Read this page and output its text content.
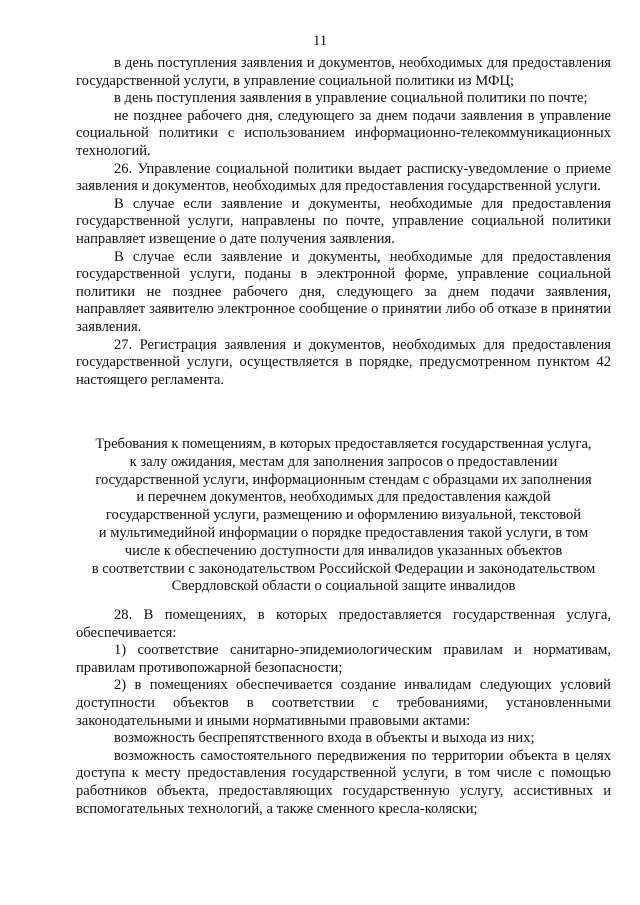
11

в день поступления заявления и документов, необходимых для предоставления государственной услуги, в управление социальной политики из МФЦ;

в день поступления заявления в управление социальной политики по почте;

не позднее рабочего дня, следующего за днем подачи заявления в управление социальной политики с использованием информационно-телекоммуникационных технологий.

26. Управление социальной политики выдает расписку-уведомление о приеме заявления и документов, необходимых для предоставления государственной услуги.

В случае если заявление и документы, необходимые для предоставления государственной услуги, направлены по почте, управление социальной политики направляет извещение о дате получения заявления.

В случае если заявление и документы, необходимые для предоставления государственной услуги, поданы в электронной форме, управление социальной политики не позднее рабочего дня, следующего за днем подачи заявления, направляет заявителю электронное сообщение о принятии либо об отказе в принятии заявления.

27. Регистрация заявления и документов, необходимых для предоставления государственной услуги, осуществляется в порядке, предусмотренном пунктом 42 настоящего регламента.

Требования к помещениям, в которых предоставляется государственная услуга,
к залу ожидания, местам для заполнения запросов о предоставлении
государственной услуги, информационным стендам с образцами их заполнения
и перечнем документов, необходимых для предоставления каждой
государственной услуги, размещению и оформлению визуальной, текстовой
и мультимедийной информации о порядке предоставления такой услуги, в том
числе к обеспечению доступности для инвалидов указанных объектов
в соответствии с законодательством Российской Федерации и законодательством
Свердловской области о социальной защите инвалидов

28. В помещениях, в которых предоставляется государственная услуга, обеспечивается:

1) соответствие санитарно-эпидемиологическим правилам и нормативам, правилам противопожарной безопасности;

2) в помещениях обеспечивается создание инвалидам следующих условий доступности объектов в соответствии с требованиями, установленными законодательными и иными нормативными правовыми актами:

возможность беспрепятственного входа в объекты и выхода из них;

возможность самостоятельного передвижения по территории объекта в целях доступа к месту предоставления государственной услуги, в том числе с помощью работников объекта, предоставляющих государственную услугу, ассистивных и вспомогательных технологий, а также сменного кресла-коляски;
